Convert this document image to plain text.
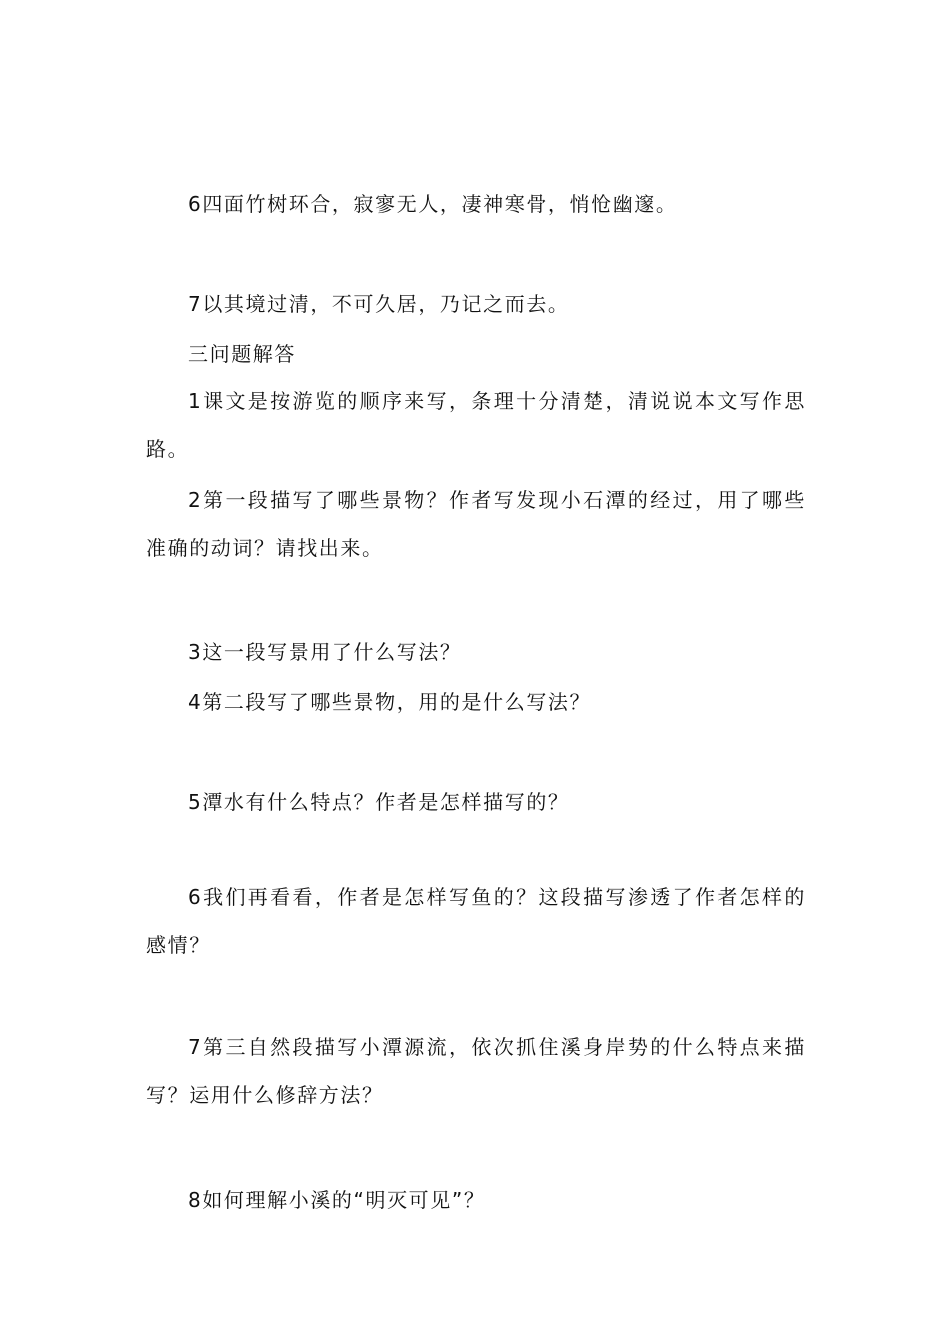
6四面竹树环合，寂寥无人，凄神寒骨，悄怆幽邃。
7以其境过清，不可久居，乃记之而去。
三问题解答
1课文是按游览的顺序来写，条理十分清楚，清说说本文写作思路。
2第一段描写了哪些景物？作者写发现小石潭的经过，用了哪些准确的动词？请找出来。
3这一段写景用了什么写法？
4第二段写了哪些景物，用的是什么写法？
5潭水有什么特点？作者是怎样描写的？
6我们再看看，作者是怎样写鱼的？这段描写渗透了作者怎样的感情？
7第三自然段描写小潭源流，依次抓住溪身岸势的什么特点来描写？运用什么修辞方法？
8如何理解小溪的“明灭可见”？
